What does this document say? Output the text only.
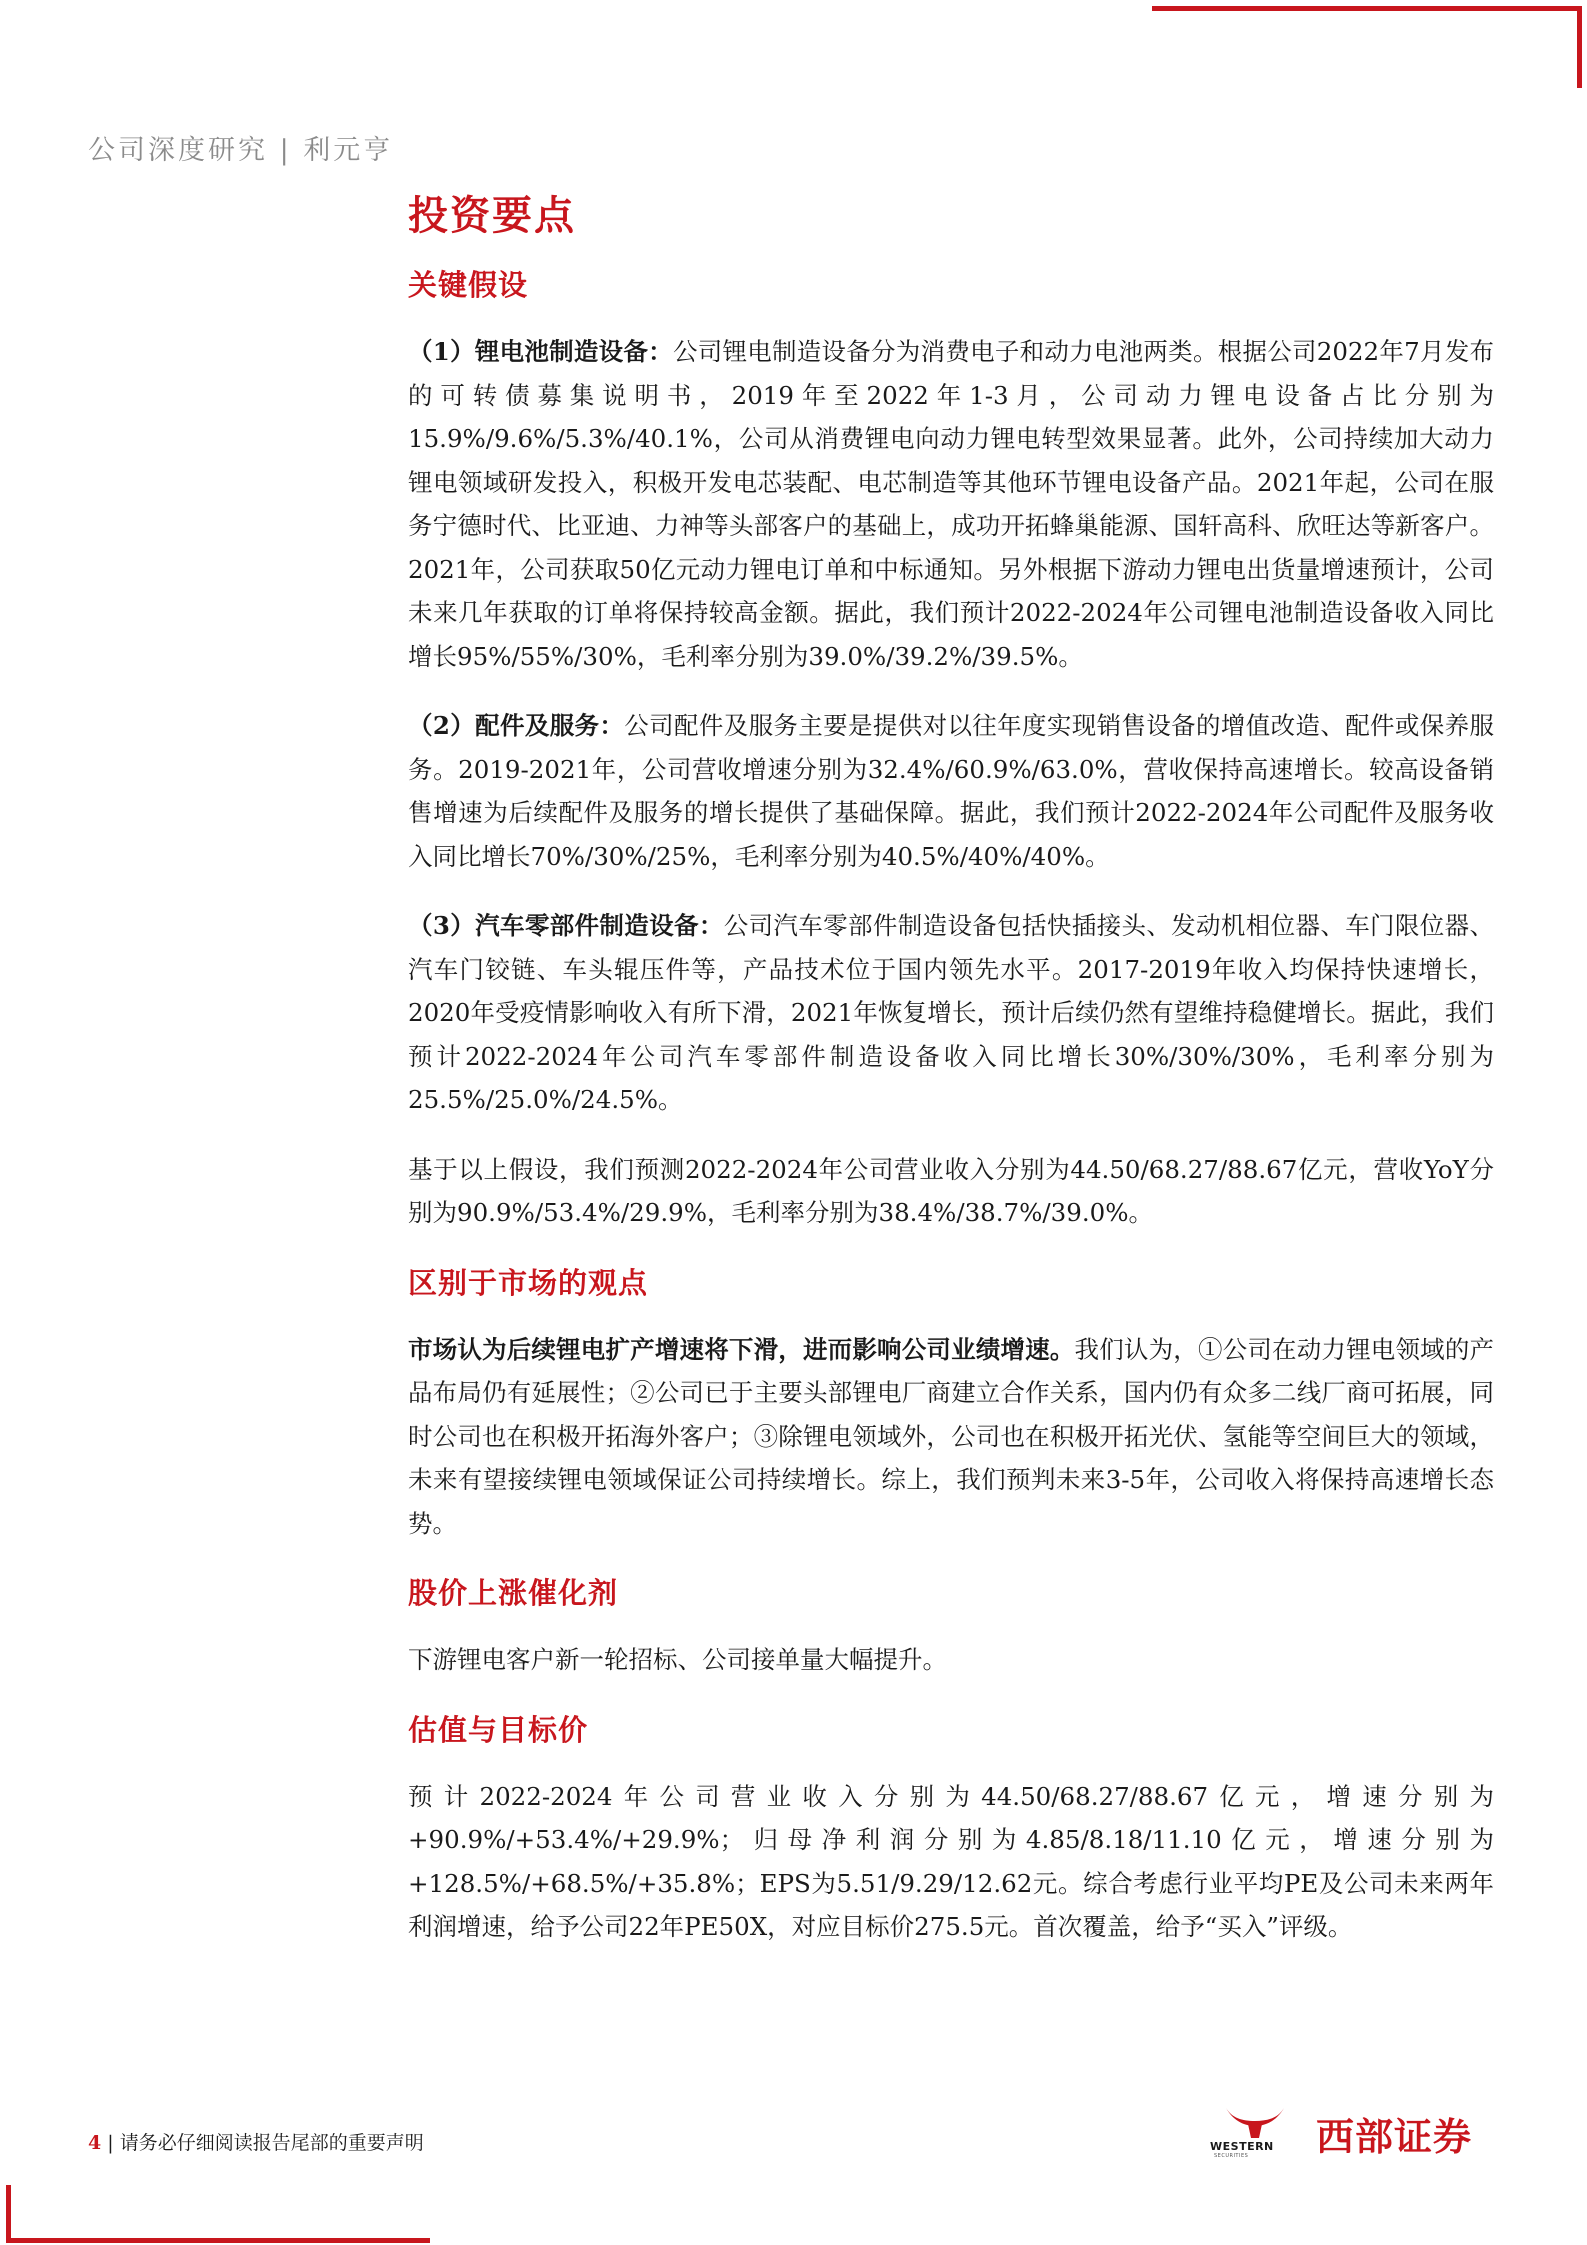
公司深度研究 | 利元亨
投资要点
关键假设

（1）锂电池制造设备：公司锂电制造设备分为消费电子和动力电池两类。根据公司2022年7月发布的可转债募集说明书，2019年至2022年1-3月，公司动力锂电设备占比分别为15.9%/9.6%/5.3%/40.1%，公司从消费锂电向动力锂电转型效果显著。此外，公司持续加大动力锂电领域研发投入，积极开发电芯装配、电芯制造等其他环节锂电设备产品。2021年起，公司在服务宁德时代、比亚迪、力神等头部客户的基础上，成功开拓蜂巢能源、国轩高科、欣旺达等新客户。2021年，公司获取50亿元动力锂电订单和中标通知。另外根据下游动力锂电出货量增速预计，公司未来几年获取的订单将保持较高金额。据此，我们预计2022-2024年公司锂电池制造设备收入同比增长95%/55%/30%，毛利率分别为39.0%/39.2%/39.5%。

（2）配件及服务：公司配件及服务主要是提供对以往年度实现销售设备的增值改造、配件或保养服务。2019-2021年，公司营收增速分别为32.4%/60.9%/63.0%，营收保持高速增长。较高设备销售增速为后续配件及服务的增长提供了基础保障。据此，我们预计2022-2024年公司配件及服务收入同比增长70%/30%/25%，毛利率分别为40.5%/40%/40%。

（3）汽车零部件制造设备：公司汽车零部件制造设备包括快插接头、发动机相位器、车门限位器、汽车门铰链、车头辊压件等，产品技术位于国内领先水平。2017-2019年收入均保持快速增长，2020年受疫情影响收入有所下滑，2021年恢复增长，预计后续仍然有望维持稳健增长。据此，我们预计2022-2024年公司汽车零部件制造设备收入同比增长30%/30%/30%，毛利率分别为25.5%/25.0%/24.5%。

基于以上假设，我们预测2022-2024年公司营业收入分别为44.50/68.27/88.67亿元，营收YoY分别为90.9%/53.4%/29.9%，毛利率分别为38.4%/38.7%/39.0%。

区别于市场的观点

市场认为后续锂电扩产增速将下滑，进而影响公司业绩增速。我们认为，①公司在动力锂电领域的产品布局仍有延展性；②公司已于主要头部锂电厂商建立合作关系，国内仍有众多二线厂商可拓展，同时公司也在积极开拓海外客户；③除锂电领域外，公司也在积极开拓光伏、氢能等空间巨大的领域，未来有望接续锂电领域保证公司持续增长。综上，我们预判未来3-5年，公司收入将保持高速增长态势。

股价上涨催化剂

下游锂电客户新一轮招标、公司接单量大幅提升。

估值与目标价

预计2022-2024年公司营业收入分别为44.50/68.27/88.67亿元，增速分别为+90.9%/+53.4%/+29.9%；归母净利润分别为4.85/8.18/11.10亿元，增速分别为+128.5%/+68.5%/+35.8%；EPS为5.51/9.29/12.62元。综合考虑行业平均PE及公司未来两年利润增速，给予公司22年PE50X，对应目标价275.5元。首次覆盖，给予“买入”评级。

4 | 请务必仔细阅读报告尾部的重要声明	WESTERN
SECURITIES 西部证券
